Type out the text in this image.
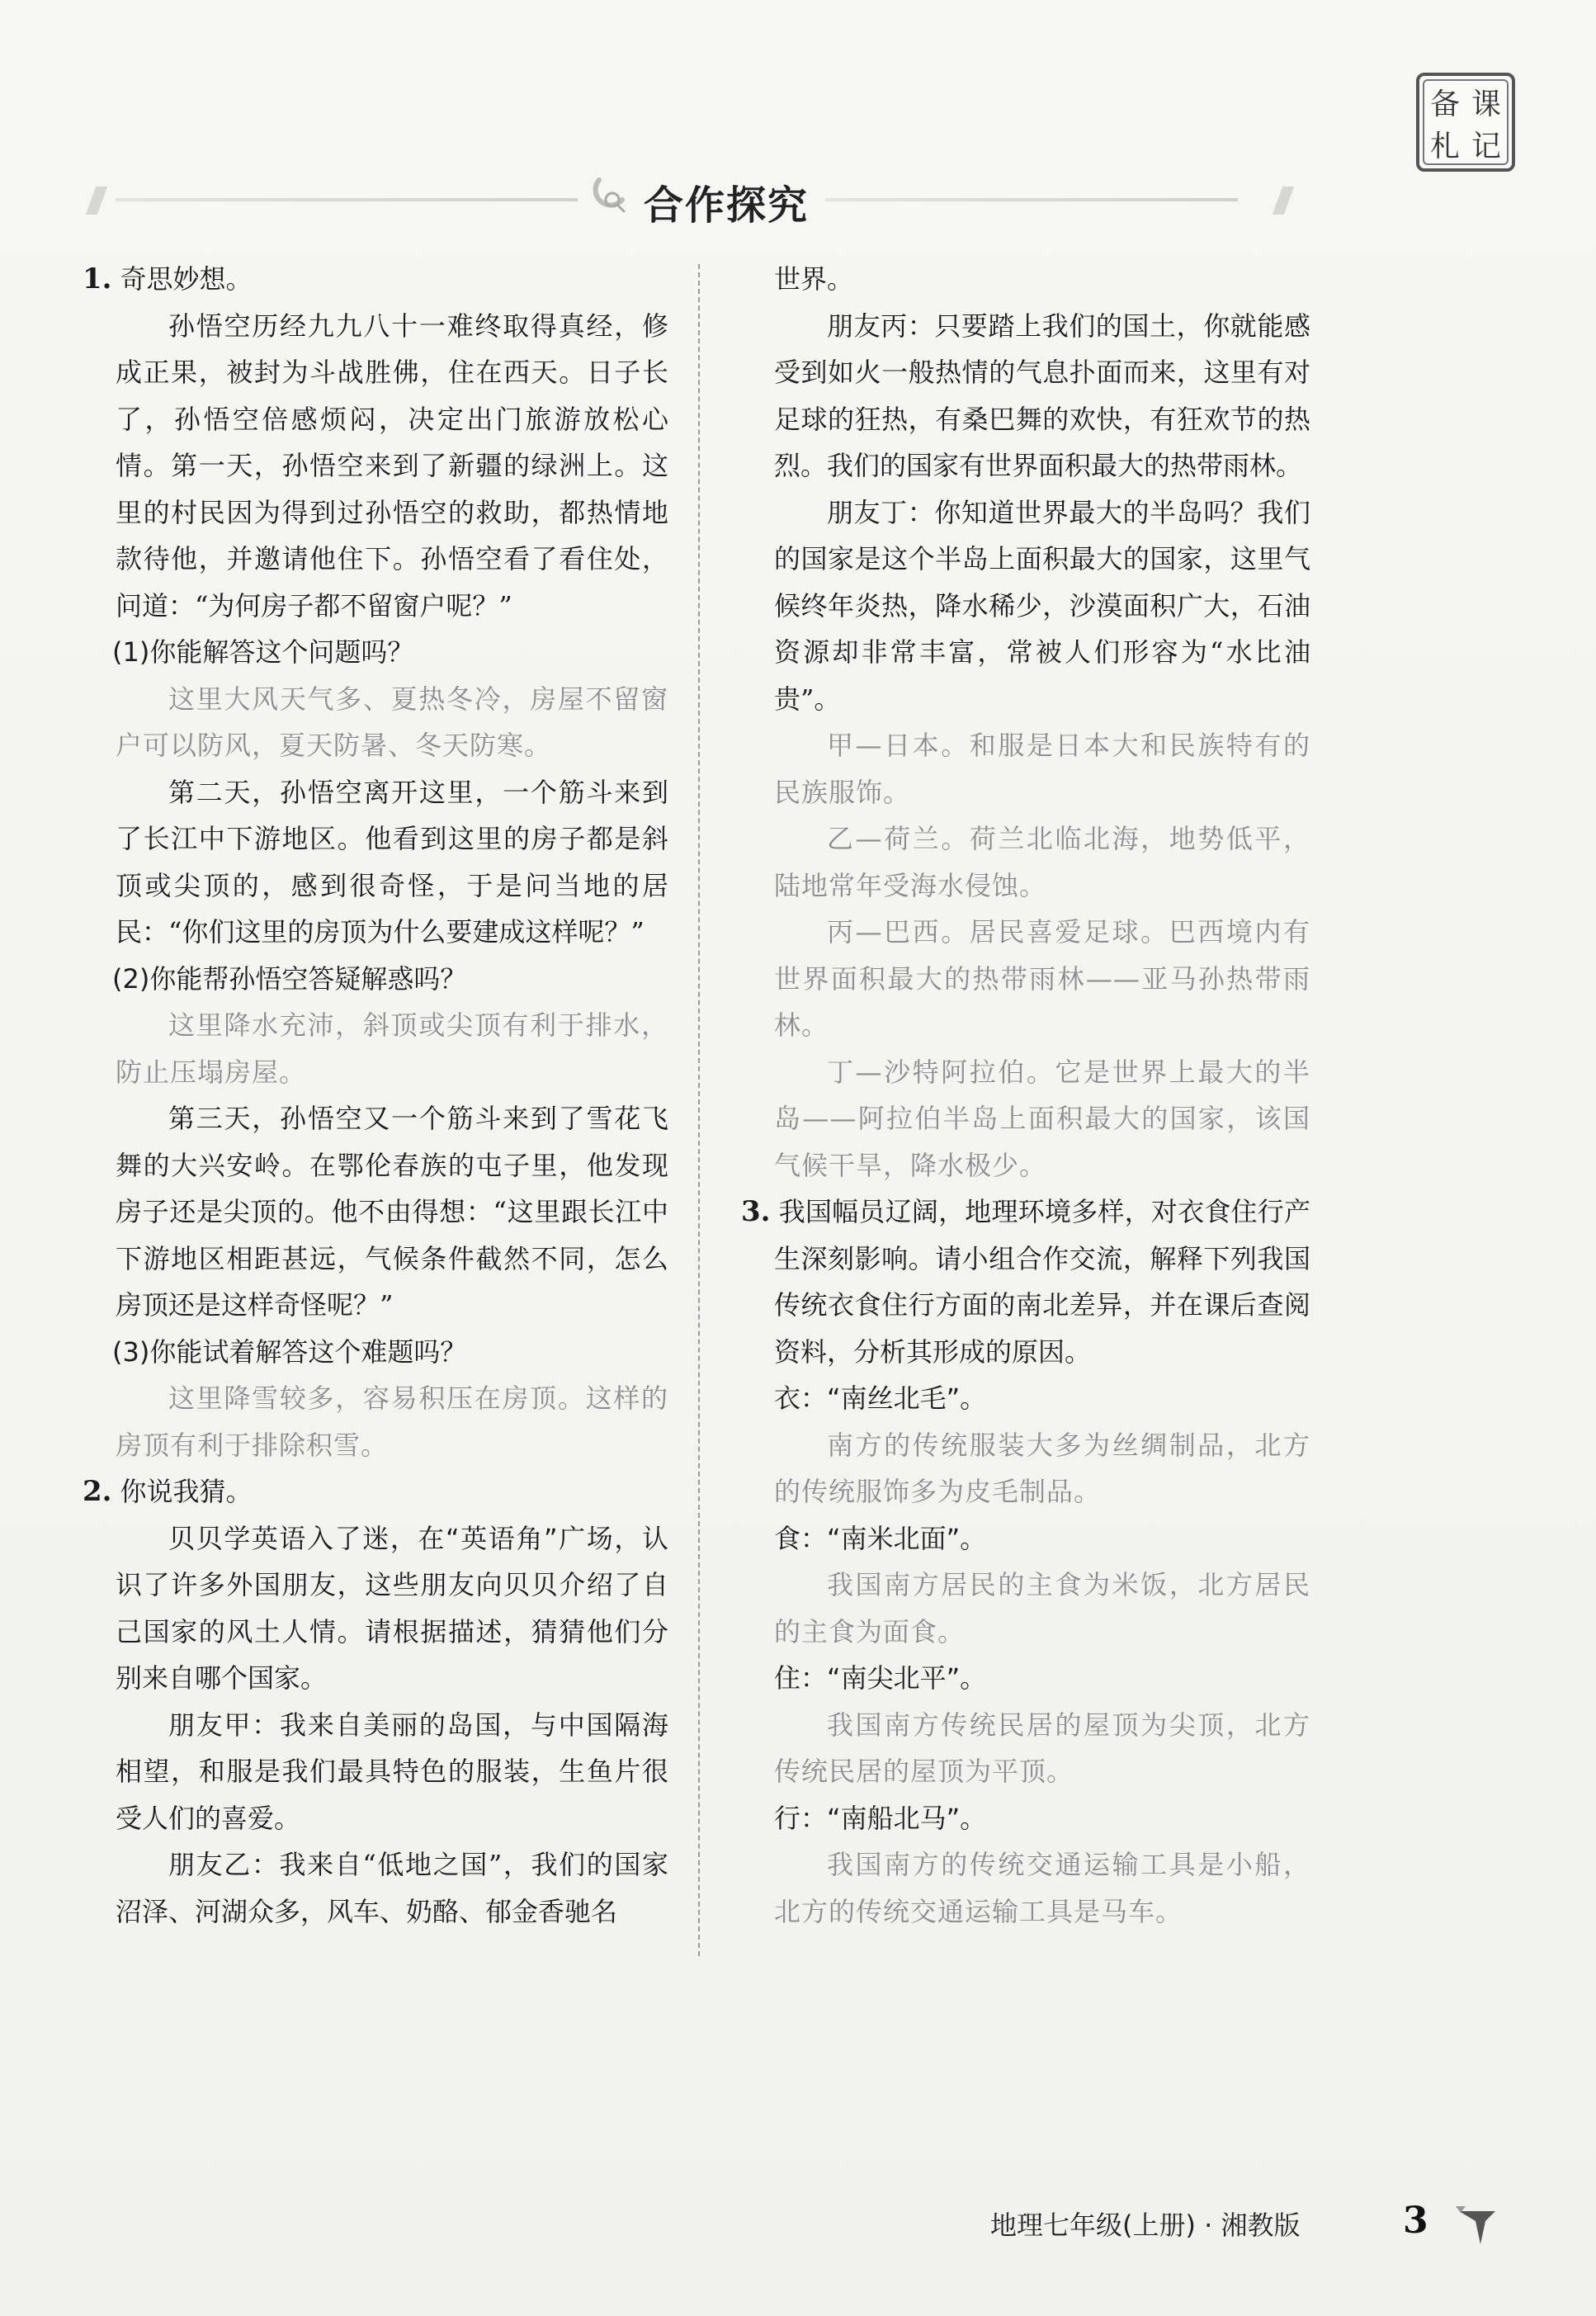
备 课
札 记
合作探究

1. 奇思妙想。

孙悟空历经九九八十一难终取得真经，修成正果，被封为斗战胜佛，住在西天。日子长了，孙悟空倍感烦闷，决定出门旅游放松心情。第一天，孙悟空来到了新疆的绿洲上。这里的村民因为得到过孙悟空的救助，都热情地款待他，并邀请他住下。孙悟空看了看住处，问道：“为何房子都不留窗户呢？”

(1)你能解答这个问题吗？

这里大风天气多、夏热冬冷，房屋不留窗户可以防风，夏天防暑、冬天防寒。

第二天，孙悟空离开这里，一个筋斗来到了长江中下游地区。他看到这里的房子都是斜顶或尖顶的，感到很奇怪，于是问当地的居民：“你们这里的房顶为什么要建成这样呢？”

(2)你能帮孙悟空答疑解惑吗？

这里降水充沛，斜顶或尖顶有利于排水，防止压塌房屋。

第三天，孙悟空又一个筋斗来到了雪花飞舞的大兴安岭。在鄂伦春族的屯子里，他发现房子还是尖顶的。他不由得想：“这里跟长江中下游地区相距甚远，气候条件截然不同，怎么房顶还是这样奇怪呢？”

(3)你能试着解答这个难题吗？

这里降雪较多，容易积压在房顶。这样的房顶有利于排除积雪。

2. 你说我猜。

贝贝学英语入了迷，在“英语角”广场，认识了许多外国朋友，这些朋友向贝贝介绍了自己国家的风土人情。请根据描述，猜猜他们分别来自哪个国家。

朋友甲：我来自美丽的岛国，与中国隔海相望，和服是我们最具特色的服装，生鱼片很受人们的喜爱。

朋友乙：我来自“低地之国”，我们的国家沼泽、河湖众多，风车、奶酪、郁金香驰名

世界。

朋友丙：只要踏上我们的国土，你就能感受到如火一般热情的气息扑面而来，这里有对足球的狂热，有桑巴舞的欢快，有狂欢节的热烈。我们的国家有世界面积最大的热带雨林。

朋友丁：你知道世界最大的半岛吗？我们的国家是这个半岛上面积最大的国家，这里气候终年炎热，降水稀少，沙漠面积广大，石油资源却非常丰富，常被人们形容为“水比油贵”。

甲—日本。和服是日本大和民族特有的民族服饰。

乙—荷兰。荷兰北临北海，地势低平，陆地常年受海水侵蚀。

丙—巴西。居民喜爱足球。巴西境内有世界面积最大的热带雨林——亚马孙热带雨林。

丁—沙特阿拉伯。它是世界上最大的半岛——阿拉伯半岛上面积最大的国家，该国气候干旱，降水极少。

3. 我国幅员辽阔，地理环境多样，对衣食住行产生深刻影响。请小组合作交流，解释下列我国传统衣食住行方面的南北差异，并在课后查阅资料，分析其形成的原因。

衣：“南丝北毛”。

南方的传统服装大多为丝绸制品，北方的传统服饰多为皮毛制品。

食：“南米北面”。

我国南方居民的主食为米饭，北方居民的主食为面食。

住：“南尖北平”。

我国南方传统民居的屋顶为尖顶，北方传统民居的屋顶为平顶。

行：“南船北马”。

我国南方的传统交通运输工具是小船，北方的传统交通运输工具是马车。

地理七年级(上册) · 湘教版	3
